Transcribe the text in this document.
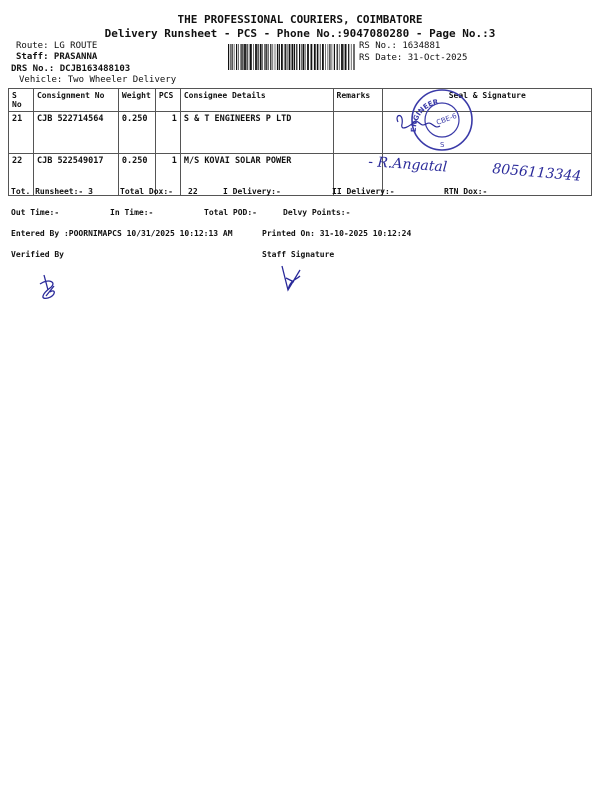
THE PROFESSIONAL COURIERS, COIMBATORE
Delivery Runsheet - PCS - Phone No.:9047080280 - Page No.:3
Route: LG ROUTE
Staff: PRASANNA
DRS No.: DCJB163488103
Vehicle: Two Wheeler Delivery
RS No.: 1634881
RS Date: 31-Oct-2025
S No	Consignment No	Weight	PCS	Consignee Details	Remarks	Seal & Signature
21	CJB 522714564	0.250	1	S & T ENGINEERS P LTD		
22	CJB 522549017	0.250	1	M/S KOVAI SOLAR POWER		
ENGINEER
CBE-6
S
- R.Angatal	8056113344
Tot. Runsheet:- 3	Total Dox:- 22	I Delivery:-	II Delivery:-	RTN Dox:-
Out Time:-	In Time:-	Total POD:-	Delvy Points:-
Entered By :POORNIMAPCS 10/31/2025 10:12:13 AM	Printed On: 31-10-2025 10:12:24
Verified By	Staff Signature
